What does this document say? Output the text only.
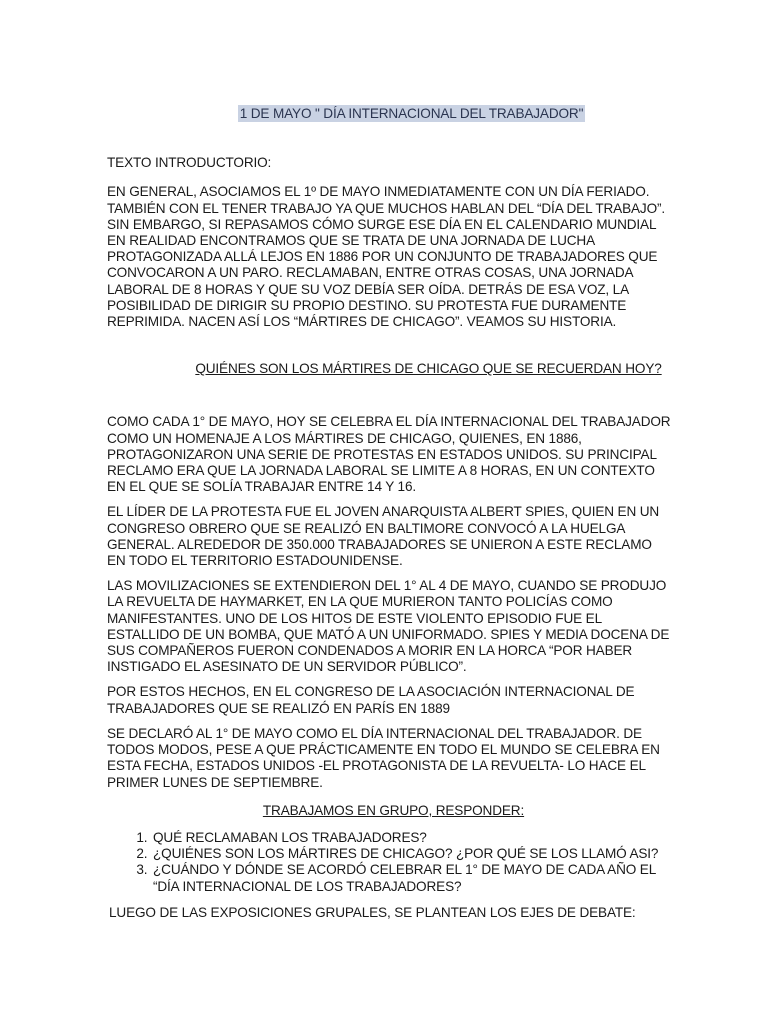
1 DE MAYO " DÍA INTERNACIONAL DEL TRABAJADOR"

TEXTO INTRODUCTORIO:

EN GENERAL, ASOCIAMOS EL 1º DE MAYO INMEDIATAMENTE CON UN DÍA FERIADO. TAMBIÉN CON EL TENER TRABAJO YA QUE MUCHOS HABLAN DEL “DÍA DEL TRABAJO”. SIN EMBARGO, SI REPASAMOS CÓMO SURGE ESE DÍA EN EL CALENDARIO MUNDIAL EN REALIDAD ENCONTRAMOS QUE SE TRATA DE UNA JORNADA DE LUCHA PROTAGONIZADA ALLÁ LEJOS EN 1886 POR UN CONJUNTO DE TRABAJADORES QUE CONVOCARON A UN PARO. RECLAMABAN, ENTRE OTRAS COSAS, UNA JORNADA LABORAL DE 8 HORAS Y QUE SU VOZ DEBÍA SER OÍDA. DETRÁS DE ESA VOZ, LA POSIBILIDAD DE DIRIGIR SU PROPIO DESTINO. SU PROTESTA FUE DURAMENTE REPRIMIDA. NACEN ASÍ LOS “MÁRTIRES DE CHICAGO”. VEAMOS SU HISTORIA.

QUIÉNES SON LOS MÁRTIRES DE CHICAGO QUE SE RECUERDAN HOY?

COMO CADA 1° DE MAYO, HOY SE CELEBRA EL DÍA INTERNACIONAL DEL TRABAJADOR COMO UN HOMENAJE A LOS MÁRTIRES DE CHICAGO, QUIENES, EN 1886, PROTAGONIZARON UNA SERIE DE PROTESTAS EN ESTADOS UNIDOS. SU PRINCIPAL RECLAMO ERA QUE LA JORNADA LABORAL SE LIMITE A 8 HORAS, EN UN CONTEXTO EN EL QUE SE SOLÍA TRABAJAR ENTRE 14 Y 16.

EL LÍDER DE LA PROTESTA FUE EL JOVEN ANARQUISTA ALBERT SPIES, QUIEN EN UN CONGRESO OBRERO QUE SE REALIZÓ EN BALTIMORE CONVOCÓ A LA HUELGA GENERAL. ALREDEDOR DE 350.000 TRABAJADORES SE UNIERON A ESTE RECLAMO EN TODO EL TERRITORIO ESTADOUNIDENSE.

LAS MOVILIZACIONES SE EXTENDIERON DEL 1° AL 4 DE MAYO, CUANDO SE PRODUJO LA REVUELTA DE HAYMARKET, EN LA QUE MURIERON TANTO POLICÍAS COMO MANIFESTANTES. UNO DE LOS HITOS DE ESTE VIOLENTO EPISODIO FUE EL ESTALLIDO DE UN BOMBA, QUE MATÓ A UN UNIFORMADO. SPIES Y MEDIA DOCENA DE SUS COMPAÑEROS FUERON CONDENADOS A MORIR EN LA HORCA “POR HABER INSTIGADO EL ASESINATO DE UN SERVIDOR PÚBLICO”.

POR ESTOS HECHOS, EN EL CONGRESO DE LA ASOCIACIÓN INTERNACIONAL DE TRABAJADORES QUE SE REALIZÓ EN PARÍS EN 1889

SE DECLARÓ AL 1° DE MAYO COMO EL DÍA INTERNACIONAL DEL TRABAJADOR. DE TODOS MODOS, PESE A QUE PRÁCTICAMENTE EN TODO EL MUNDO SE CELEBRA EN ESTA FECHA, ESTADOS UNIDOS -EL PROTAGONISTA DE LA REVUELTA- LO HACE EL PRIMER LUNES DE SEPTIEMBRE.

TRABAJAMOS EN GRUPO, RESPONDER:

1. QUÉ RECLAMABAN LOS TRABAJADORES?
2. ¿QUIÉNES SON LOS MÁRTIRES DE CHICAGO? ¿POR QUÉ SE LOS LLAMÓ ASI?
3. ¿CUÁNDO Y DÓNDE SE ACORDÓ CELEBRAR EL 1° DE MAYO DE CADA AÑO EL “DÍA INTERNACIONAL DE LOS TRABAJADORES?

LUEGO DE LAS EXPOSICIONES GRUPALES, SE PLANTEAN LOS EJES DE DEBATE:
